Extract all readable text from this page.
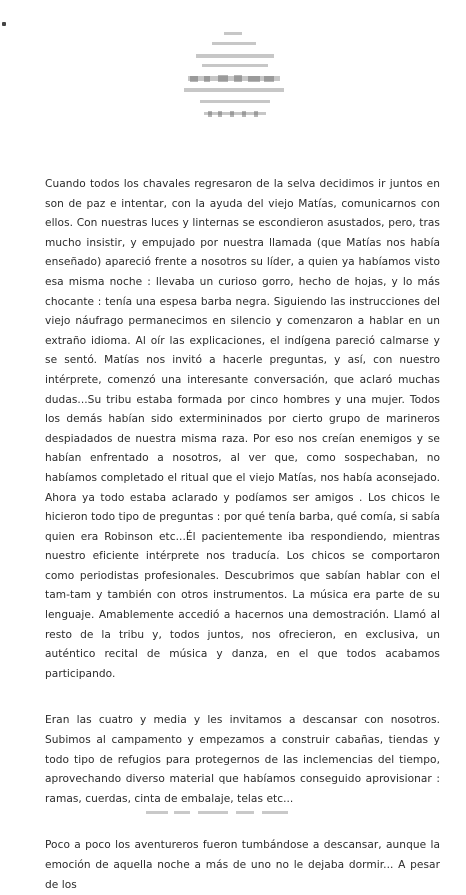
Cuando todos los chavales regresaron de la selva decidimos ir juntos en son de paz e intentar, con la ayuda del viejo Matías, comunicarnos con ellos. Con nuestras luces y linternas se escondieron asustados, pero, tras mucho insistir, y empujado por nuestra llamada (que Matías nos había enseñado) apareció frente a nosotros su líder, a quien ya habíamos visto esa misma noche : llevaba un curioso gorro, hecho de hojas, y lo más chocante : tenía una espesa barba negra. Siguiendo las instrucciones del viejo náufrago permanecimos en silencio y comenzaron a hablar en un extraño idioma. Al oír las explicaciones, el indígena pareció calmarse y se sentó. Matías nos invitó a hacerle preguntas, y así, con nuestro intérprete, comenzó una interesante conversación, que aclaró muchas dudas...Su tribu estaba formada por cinco hombres y una mujer. Todos los demás habían sido extermininados por cierto grupo de marineros despiadados de nuestra misma raza. Por eso nos creían enemigos y se habían enfrentado a nosotros, al ver que, como sospechaban, no habíamos completado el ritual que el viejo Matías, nos había aconsejado. Ahora ya todo estaba aclarado y podíamos ser amigos . Los chicos le hicieron todo tipo de preguntas : por qué tenía barba, qué comía, si sabía quien era Robinson etc...Él pacientemente iba respondiendo, mientras nuestro eficiente intérprete nos traducía. Los chicos se comportaron como periodistas profesionales. Descubrimos que sabían hablar con el tam-tam y también con otros instrumentos. La música era parte de su lenguaje. Amablemente accedió a hacernos una demostración. Llamó al resto de la tribu y, todos juntos, nos ofrecieron, en exclusiva, un auténtico recital de música y danza, en el que todos acabamos participando.

Eran las cuatro y media y les invitamos a descansar con nosotros. Subimos al campamento y empezamos a construir cabañas, tiendas y todo tipo de refugios para protegernos de las inclemencias del tiempo, aprovechando diverso material que habíamos conseguido aprovisionar : ramas, cuerdas, cinta de embalaje, telas etc...

Poco a poco los aventureros fueron tumbándose a descansar, aunque la emoción de aquella noche a más de uno no le dejaba dormir... A pesar de los
